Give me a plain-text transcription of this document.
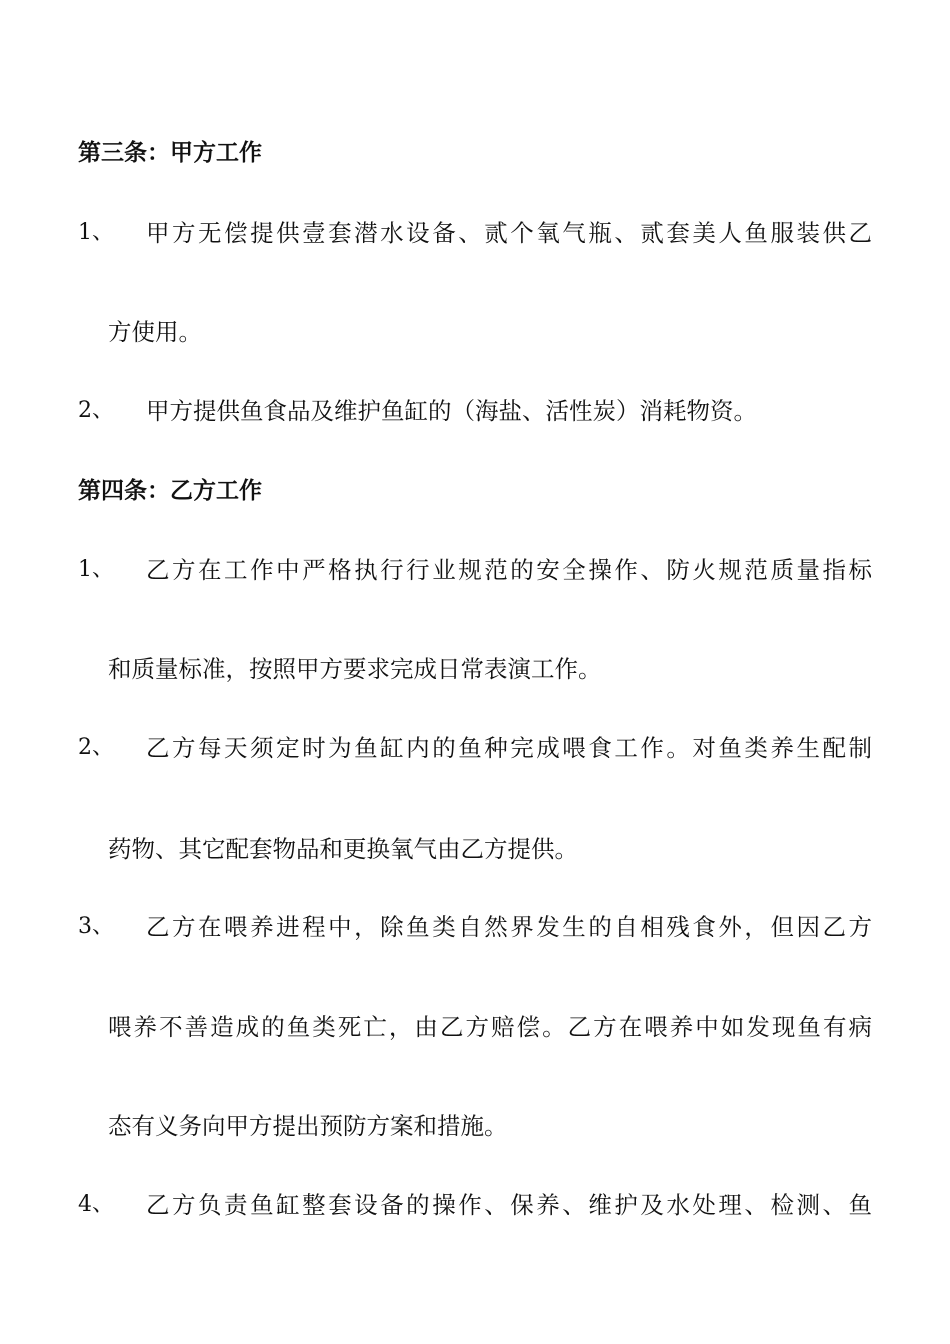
第三条：甲方工作
1、 甲方无偿提供壹套潜水设备、贰个氧气瓶、贰套美人鱼服装供乙
方使用。
2、 甲方提供鱼食品及维护鱼缸的（海盐、活性炭）消耗物资。
第四条：乙方工作
1、 乙方在工作中严格执行行业规范的安全操作、防火规范质量指标
和质量标准，按照甲方要求完成日常表演工作。
2、 乙方每天须定时为鱼缸内的鱼种完成喂食工作。对鱼类养生配制
药物、其它配套物品和更换氧气由乙方提供。
3、 乙方在喂养进程中，除鱼类自然界发生的自相残食外，但因乙方
喂养不善造成的鱼类死亡，由乙方赔偿。乙方在喂养中如发现鱼有病
态有义务向甲方提出预防方案和措施。
4、 乙方负责鱼缸整套设备的操作、保养、维护及水处理、检测、鱼
